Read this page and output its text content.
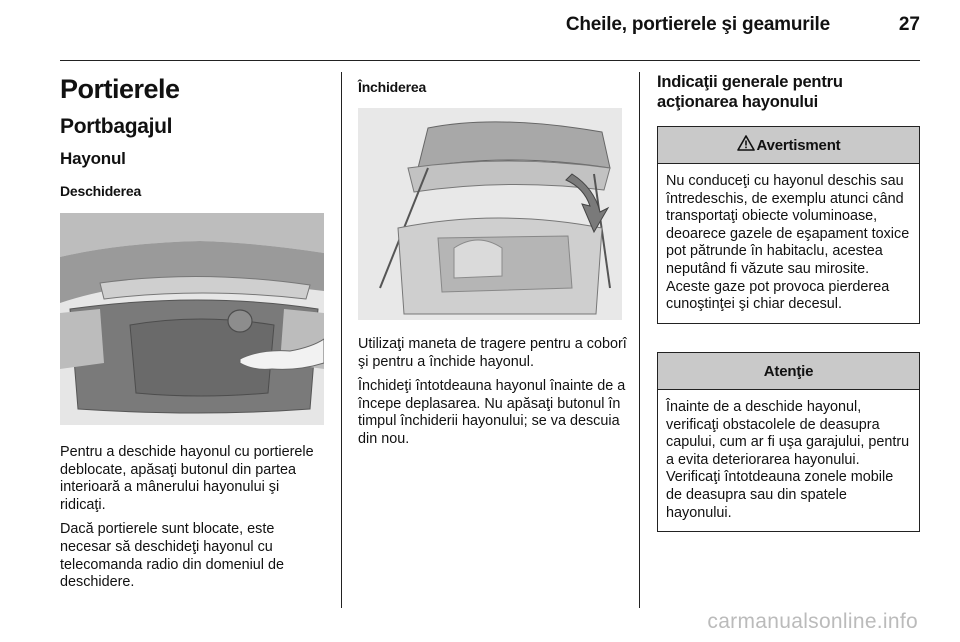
Cheile, portierele şi geamurile	27
Portierele
Portbagajul
Hayonul
Deschiderea

Pentru a deschide hayonul cu portierele deblocate, apăsaţi butonul din partea interioară a mânerului hayonului şi ridicaţi.

Dacă portierele sunt blocate, este necesar să deschideţi hayonul cu telecomanda radio din domeniul de deschidere.

Închiderea

Utilizaţi maneta de tragere pentru a coborî şi pentru a închide hayonul.

Închideţi întotdeauna hayonul înainte de a începe deplasarea. Nu apăsaţi butonul în timpul închiderii hayonului; se va descuia din nou.

Indicaţii generale pentru acţionarea hayonului
Avertisment
Nu conduceţi cu hayonul deschis sau întredeschis, de exemplu atunci când transportaţi obiecte voluminoase, deoarece gazele de eşapament toxice pot pătrunde în habitaclu, acestea neputând fi văzute sau mirosite. Aceste gaze pot provoca pierderea cunoştinţei şi chiar decesul.
Atenţie
Înainte de a deschide hayonul, verificaţi obstacolele de deasupra capului, cum ar fi uşa garajului, pentru a evita deteriorarea hayonului. Verificaţi întotdeauna zonele mobile de deasupra sau din spatele hayonului.
carmanualsonline.info
